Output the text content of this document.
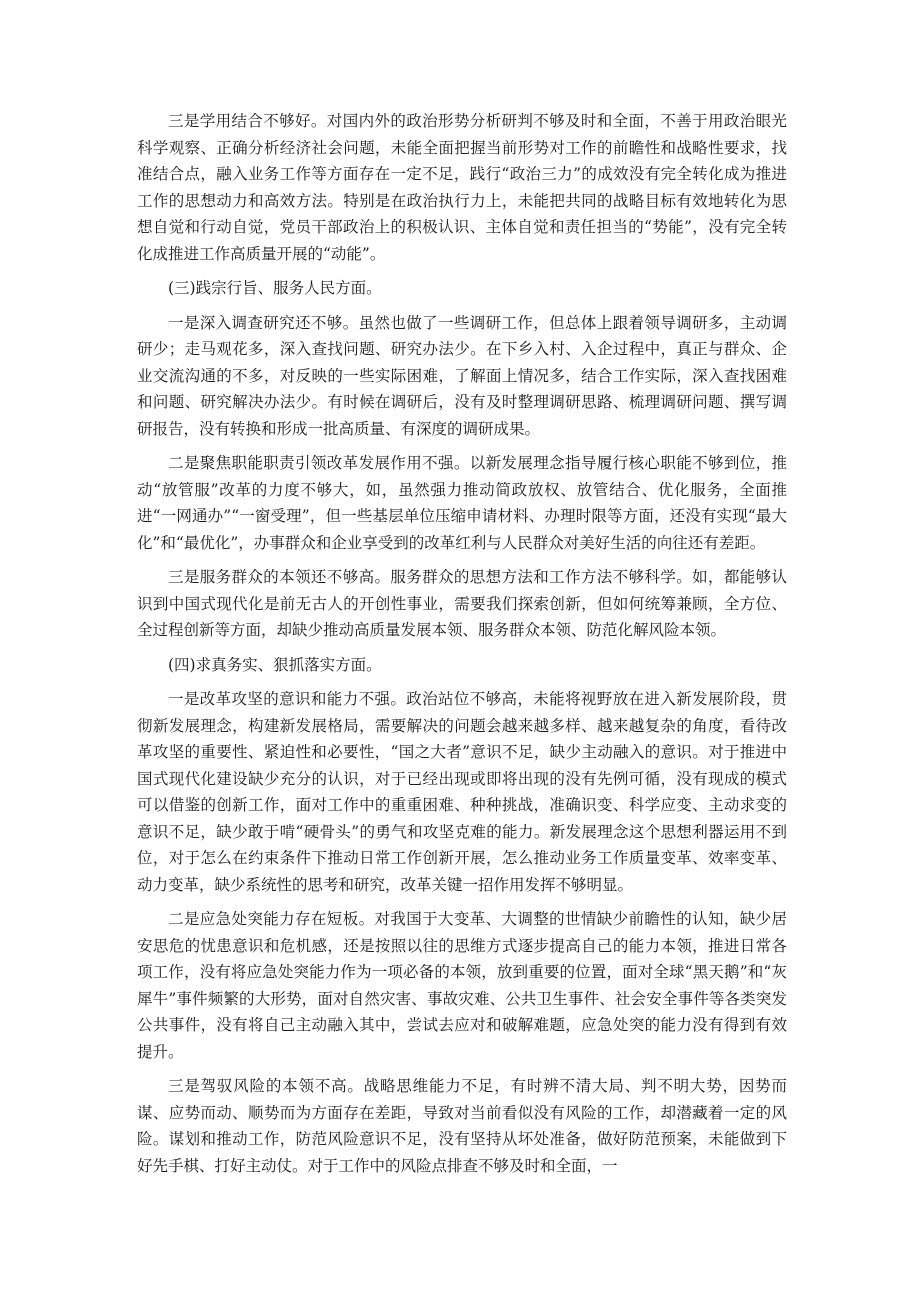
三是学用结合不够好。对国内外的政治形势分析研判不够及时和全面，不善于用政治眼光科学观察、正确分析经济社会问题，未能全面把握当前形势对工作的前瞻性和战略性要求，找准结合点，融入业务工作等方面存在一定不足，践行“政治三力”的成效没有完全转化成为推进工作的思想动力和高效方法。特别是在政治执行力上，未能把共同的战略目标有效地转化为思想自觉和行动自觉，党员干部政治上的积极认识、主体自觉和责任担当的“势能”，没有完全转化成推进工作高质量开展的“动能”。

(三)践宗行旨、服务人民方面。

一是深入调查研究还不够。虽然也做了一些调研工作，但总体上跟着领导调研多，主动调研少；走马观花多，深入查找问题、研究办法少。在下乡入村、入企过程中，真正与群众、企业交流沟通的不多，对反映的一些实际困难，了解面上情况多，结合工作实际，深入查找困难和问题、研究解决办法少。有时候在调研后，没有及时整理调研思路、梳理调研问题、撰写调研报告，没有转换和形成一批高质量、有深度的调研成果。

二是聚焦职能职责引领改革发展作用不强。以新发展理念指导履行核心职能不够到位，推动“放管服”改革的力度不够大，如，虽然强力推动简政放权、放管结合、优化服务，全面推进“一网通办”“一窗受理”，但一些基层单位压缩申请材料、办理时限等方面，还没有实现“最大化”和“最优化”，办事群众和企业享受到的改革红利与人民群众对美好生活的向往还有差距。

三是服务群众的本领还不够高。服务群众的思想方法和工作方法不够科学。如，都能够认识到中国式现代化是前无古人的开创性事业，需要我们探索创新，但如何统筹兼顾，全方位、全过程创新等方面，却缺少推动高质量发展本领、服务群众本领、防范化解风险本领。

(四)求真务实、狠抓落实方面。

一是改革攻坚的意识和能力不强。政治站位不够高，未能将视野放在进入新发展阶段，贯彻新发展理念，构建新发展格局，需要解决的问题会越来越多样、越来越复杂的角度，看待改革攻坚的重要性、紧迫性和必要性，“国之大者”意识不足，缺少主动融入的意识。对于推进中国式现代化建设缺少充分的认识，对于已经出现或即将出现的没有先例可循，没有现成的模式可以借鉴的创新工作，面对工作中的重重困难、种种挑战，准确识变、科学应变、主动求变的意识不足，缺少敢于啃“硬骨头”的勇气和攻坚克难的能力。新发展理念这个思想利器运用不到位，对于怎么在约束条件下推动日常工作创新开展，怎么推动业务工作质量变革、效率变革、动力变革，缺少系统性的思考和研究，改革关键一招作用发挥不够明显。

二是应急处突能力存在短板。对我国于大变革、大调整的世情缺少前瞻性的认知，缺少居安思危的忧患意识和危机感，还是按照以往的思维方式逐步提高自己的能力本领，推进日常各项工作，没有将应急处突能力作为一项必备的本领，放到重要的位置，面对全球“黑天鹅”和“灰犀牛”事件频繁的大形势，面对自然灾害、事故灾难、公共卫生事件、社会安全事件等各类突发公共事件，没有将自己主动融入其中，尝试去应对和破解难题，应急处突的能力没有得到有效提升。

三是驾驭风险的本领不高。战略思维能力不足，有时辨不清大局、判不明大势，因势而谋、应势而动、顺势而为方面存在差距，导致对当前看似没有风险的工作，却潜藏着一定的风险。谋划和推动工作，防范风险意识不足，没有坚持从坏处准备，做好防范预案，未能做到下好先手棋、打好主动仗。对于工作中的风险点排查不够及时和全面，一
